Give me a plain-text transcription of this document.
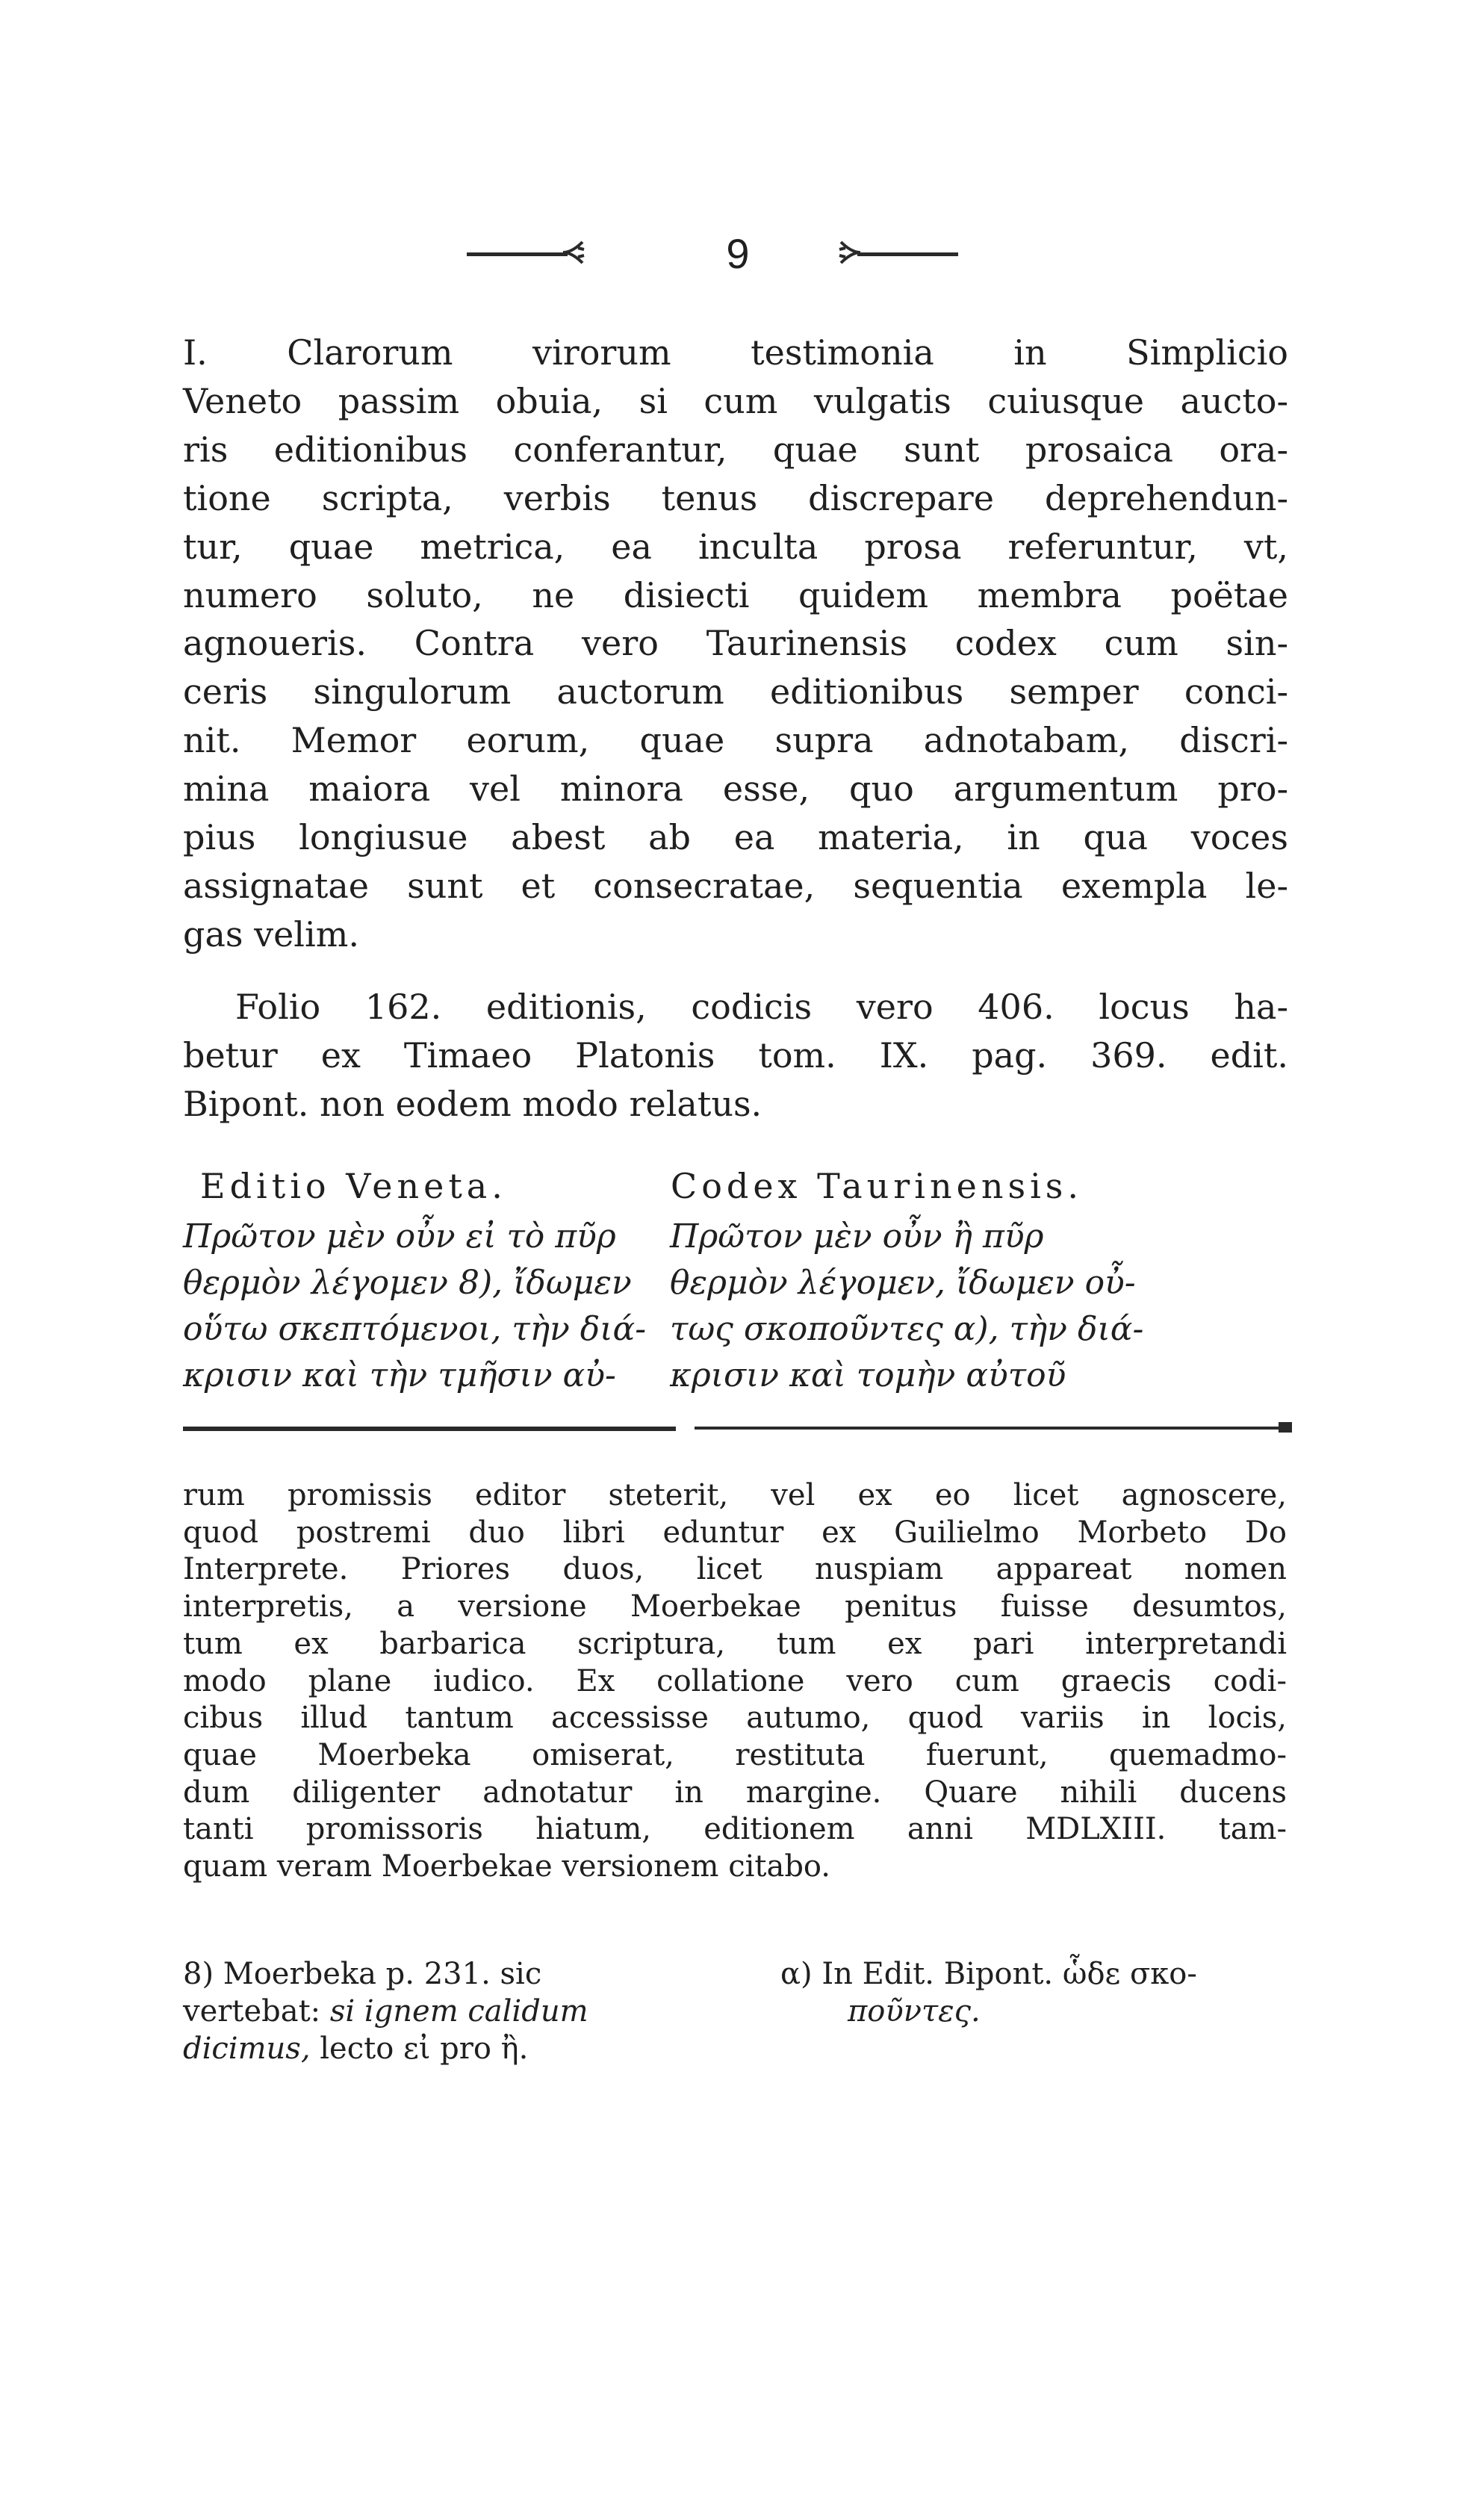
9

I. Clarorum virorum testimonia in Simplicio
Veneto passim obuia, si cum vulgatis cuiusque aucto-
ris editionibus conferantur, quae sunt prosaica ora-
tione scripta, verbis tenus discrepare deprehendun-
tur, quae metrica, ea inculta prosa referuntur, vt,
numero soluto, ne disiecti quidem membra poëtae
agnoueris. Contra vero Taurinensis codex cum sin-
ceris singulorum auctorum editionibus semper conci-
nit. Memor eorum, quae supra adnotabam, discri-
mina maiora vel minora esse, quo argumentum pro-
pius longiusue abest ab ea materia, in qua voces
assignatae sunt et consecratae, sequentia exempla le-
gas velim.

Folio 162. editionis, codicis vero 406. locus ha-
betur ex Timaeo Platonis tom. IX. pag. 369. edit.
Bipont. non eodem modo relatus.

Editio Veneta.	Codex Taurinensis.
Πρῶτον μὲν οὖν εἰ τὸ πῦρ
θερμὸν λέγομεν 8), ἴδωμεν
οὕτω σκεπτόμενοι, τὴν διά-
κρισιν καὶ τὴν τμῆσιν αὐ-
Πρῶτον μὲν οὖν ἢ πῦρ
θερμὸν λέγομεν, ἴδωμεν οὖ-
τως σκοποῦντες α), τὴν διά-
κρισιν καὶ τομὴν αὐτοῦ

rum promissis editor steterit, vel ex eo licet agnoscere,
quod postremi duo libri eduntur ex Guilielmo Morbeto Do
Interprete. Priores duos, licet nuspiam appareat nomen
interpretis, a versione Moerbekae penitus fuisse desumtos,
tum ex barbarica scriptura, tum ex pari interpretandi
modo plane iudico. Ex collatione vero cum graecis codi-
cibus illud tantum accessisse autumo, quod variis in locis,
quae Moerbeka omiserat, restituta fuerunt, quemadmo-
dum diligenter adnotatur in margine. Quare nihili ducens
tanti promissoris hiatum, editionem anni MDLXIII. tam-
quam veram Moerbekae versionem citabo.

8) Moerbeka p. 231. sic
vertebat: si ignem calidum
dicimus, lecto εἰ pro ἢ.
α) In Edit. Bipont. ὧδε σκο-
ποῦντες.
